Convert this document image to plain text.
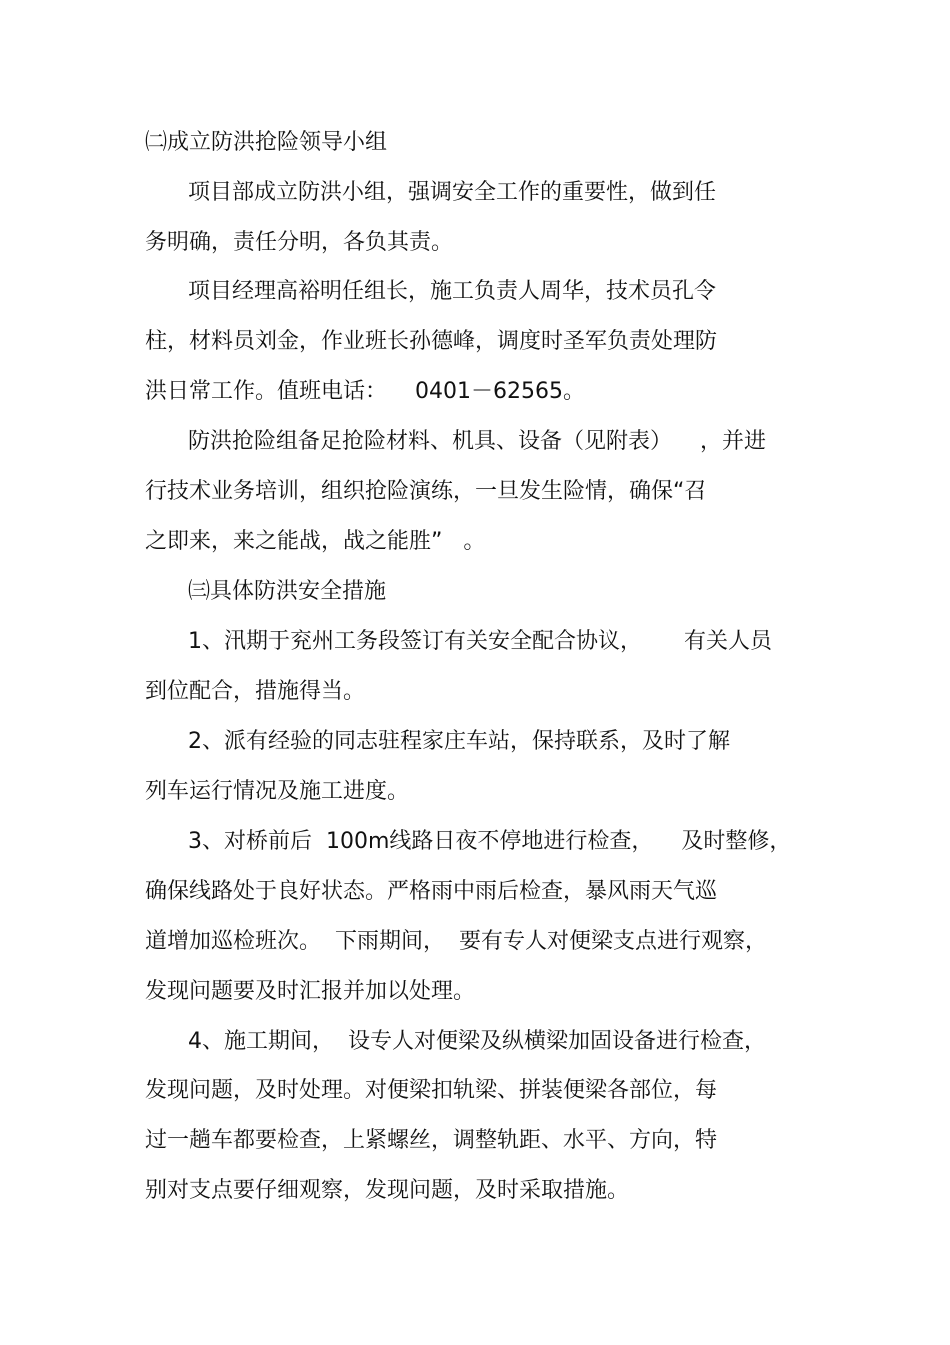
㈡成立防洪抢险领导小组

项目部成立防洪小组，强调安全工作的重要性，做到任

务明确，责任分明，各负其责。

项目经理高裕明任组长，施工负责人周华，技术员孔令

柱，材料员刘金，作业班长孙德峰，调度时圣军负责处理防

洪日常工作。值班电话：    0401－62565。

防洪抢险组备足抢险材料、机具、设备（见附表）    ，并进

行技术业务培训，组织抢险演练，一旦发生险情，确保“召

之即来，来之能战，战之能胜”   。

㈢具体防洪安全措施

1、汛期于兖州工务段签订有关安全配合协议，      有关人员

到位配合，措施得当。

2、派有经验的同志驻程家庄车站，保持联系，及时了解

列车运行情况及施工进度。

3、对桥前后  100m线路日夜不停地进行检查，    及时整修，

确保线路处于良好状态。严格雨中雨后检查，暴风雨天气巡

道增加巡检班次。  下雨期间，  要有专人对便梁支点进行观察，

发现问题要及时汇报并加以处理。

4、施工期间，  设专人对便梁及纵横梁加固设备进行检查，

发现问题，及时处理。对便梁扣轨梁、拼装便梁各部位，每

过一趟车都要检查，上紧螺丝，调整轨距、水平、方向，特

别对支点要仔细观察，发现问题，及时采取措施。
